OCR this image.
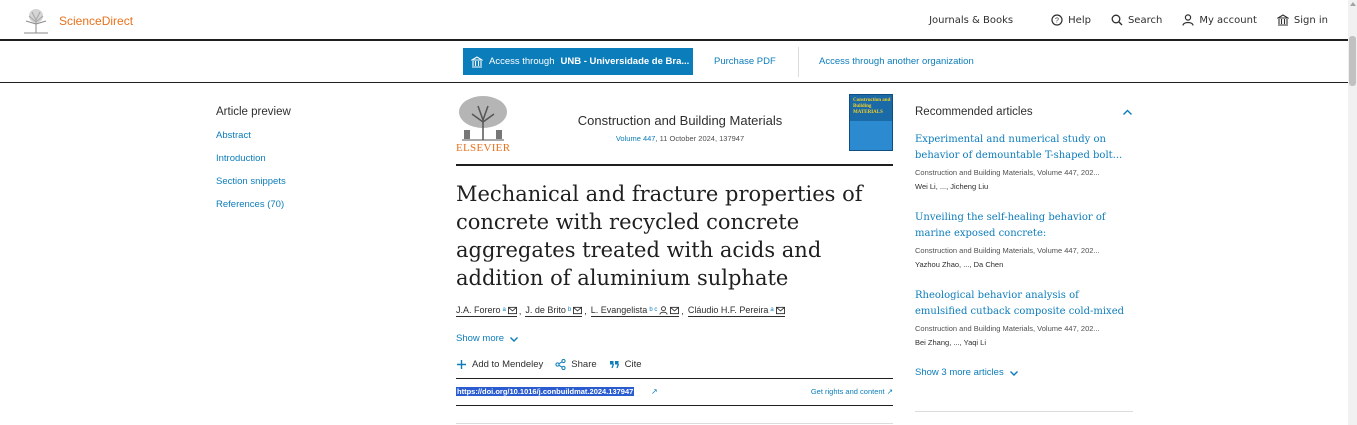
ScienceDirect	Journals & Books	? Help	Search	My account	Sign in
Access through UNB - Universidade de Bra...	Purchase PDF	Access through another organization
Article preview
Abstract
Introduction
Section snippets
References (70)
ELSEVIER
Construction and Building Materials
Volume 447, 11 October 2024, 137947
Construction and Building MATERIALS
Mechanical and fracture properties of concrete with recycled concrete aggregates treated with acids and addition of aluminium sulphate
J.A. Forero a , J. de Brito b , L. Evangelista b c	, Cláudio H.F. Pereira a
Show more
Add to Mendeley	Share	Cite
https://doi.org/10.1016/j.conbuildmat.2024.137947 ↗	Get rights and content ↗
Recommended articles
Experimental and numerical study on behavior of demountable T-shaped bolt...
Construction and Building Materials, Volume 447, 202...
Wei Li, ..., Jicheng Liu
Unveiling the self-healing behavior of marine exposed concrete:
Construction and Building Materials, Volume 447, 202...
Yazhou Zhao, ..., Da Chen
Rheological behavior analysis of emulsified cutback composite cold-mixed
Construction and Building Materials, Volume 447, 202...
Bei Zhang, ..., Yaqi Li
Show 3 more articles
